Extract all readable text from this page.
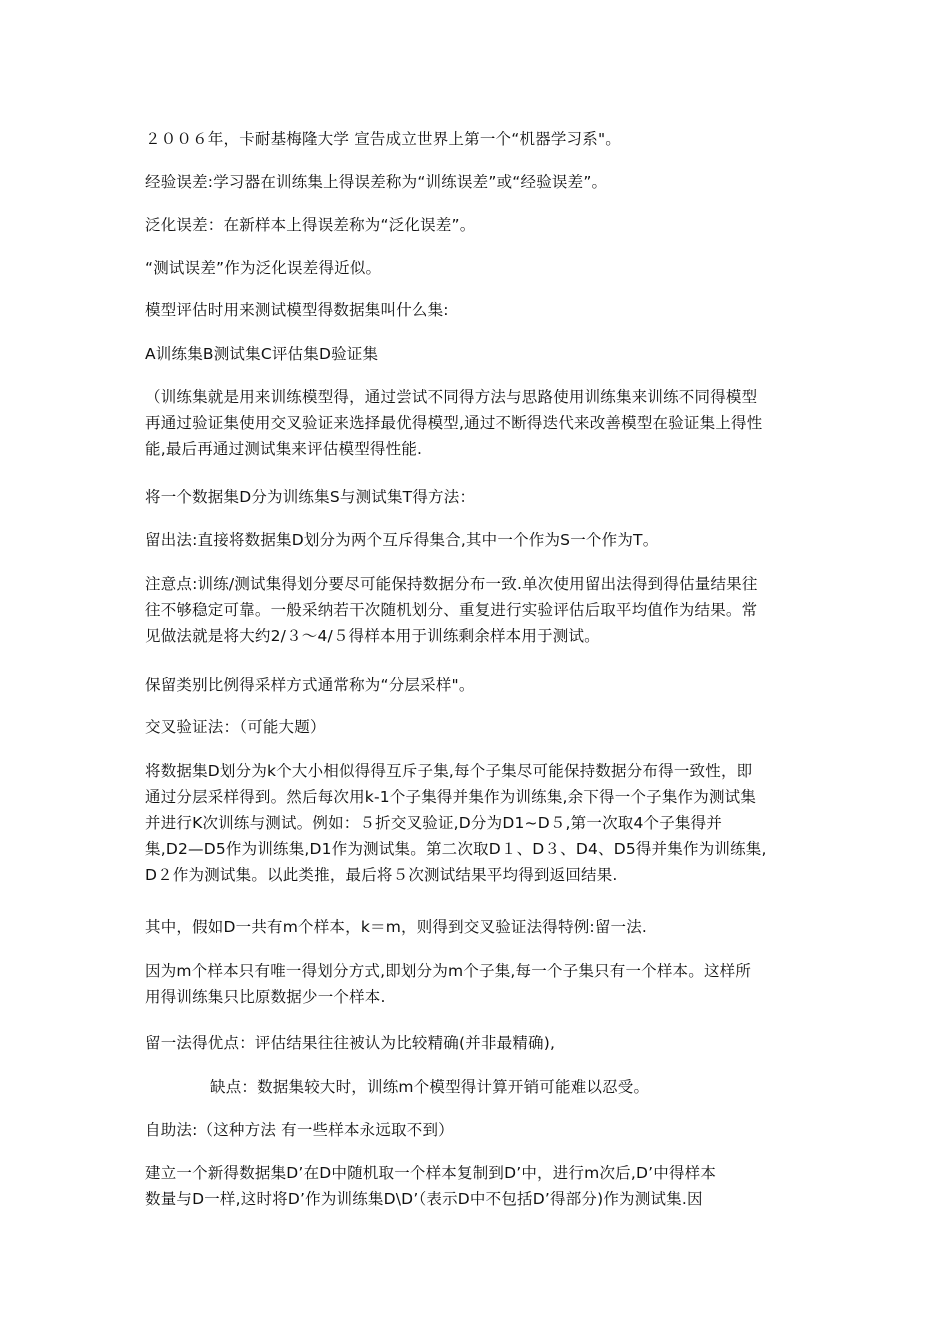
２００６年，卡耐基梅隆大学 宣告成立世界上第一个“机器学习系"。

经验误差:学习器在训练集上得误差称为“训练误差”或“经验误差”。

泛化误差：在新样本上得误差称为“泛化误差”。

“测试误差”作为泛化误差得近似。

模型评估时用来测试模型得数据集叫什么集:

A训练集B测试集C评估集D验证集

（训练集就是用来训练模型得，通过尝试不同得方法与思路使用训练集来训练不同得模型
再通过验证集使用交叉验证来选择最优得模型,通过不断得迭代来改善模型在验证集上得性
能,最后再通过测试集来评估模型得性能.

将一个数据集D分为训练集S与测试集T得方法：

留出法:直接将数据集D划分为两个互斥得集合,其中一个作为S一个作为T。

注意点:训练/测试集得划分要尽可能保持数据分布一致.单次使用留出法得到得估量结果往
往不够稳定可靠。一般采纳若干次随机划分、重复进行实验评估后取平均值作为结果。常
见做法就是将大约2/３～4/５得样本用于训练剩余样本用于测试。

保留类别比例得采样方式通常称为“分层采样"。

交叉验证法：（可能大题）

将数据集D划分为k个大小相似得得互斥子集,每个子集尽可能保持数据分布得一致性，即
通过分层采样得到。然后每次用k-1个子集得并集作为训练集,余下得一个子集作为测试集
并进行K次训练与测试。例如：５折交叉验证,D分为D1~D５,第一次取4个子集得并
集,D2—D5作为训练集,D1作为测试集。第二次取D１、D３、D4、D5得并集作为训练集,
D２作为测试集。以此类推，最后将５次测试结果平均得到返回结果.

其中，假如D一共有m个样本，k＝m，则得到交叉验证法得特例:留一法.

因为m个样本只有唯一得划分方式,即划分为m个子集,每一个子集只有一个样本。这样所
用得训练集只比原数据少一个样本.

留一法得优点：评估结果往往被认为比较精确(并非最精确),

缺点：数据集较大时，训练m个模型得计算开销可能难以忍受。

自助法:（这种方法 有一些样本永远取不到）

建立一个新得数据集D’在D中随机取一个样本复制到D’中，进行m次后,D’中得样本
数量与D一样,这时将D’作为训练集D\D’（表示D中不包括D’得部分)作为测试集.因
